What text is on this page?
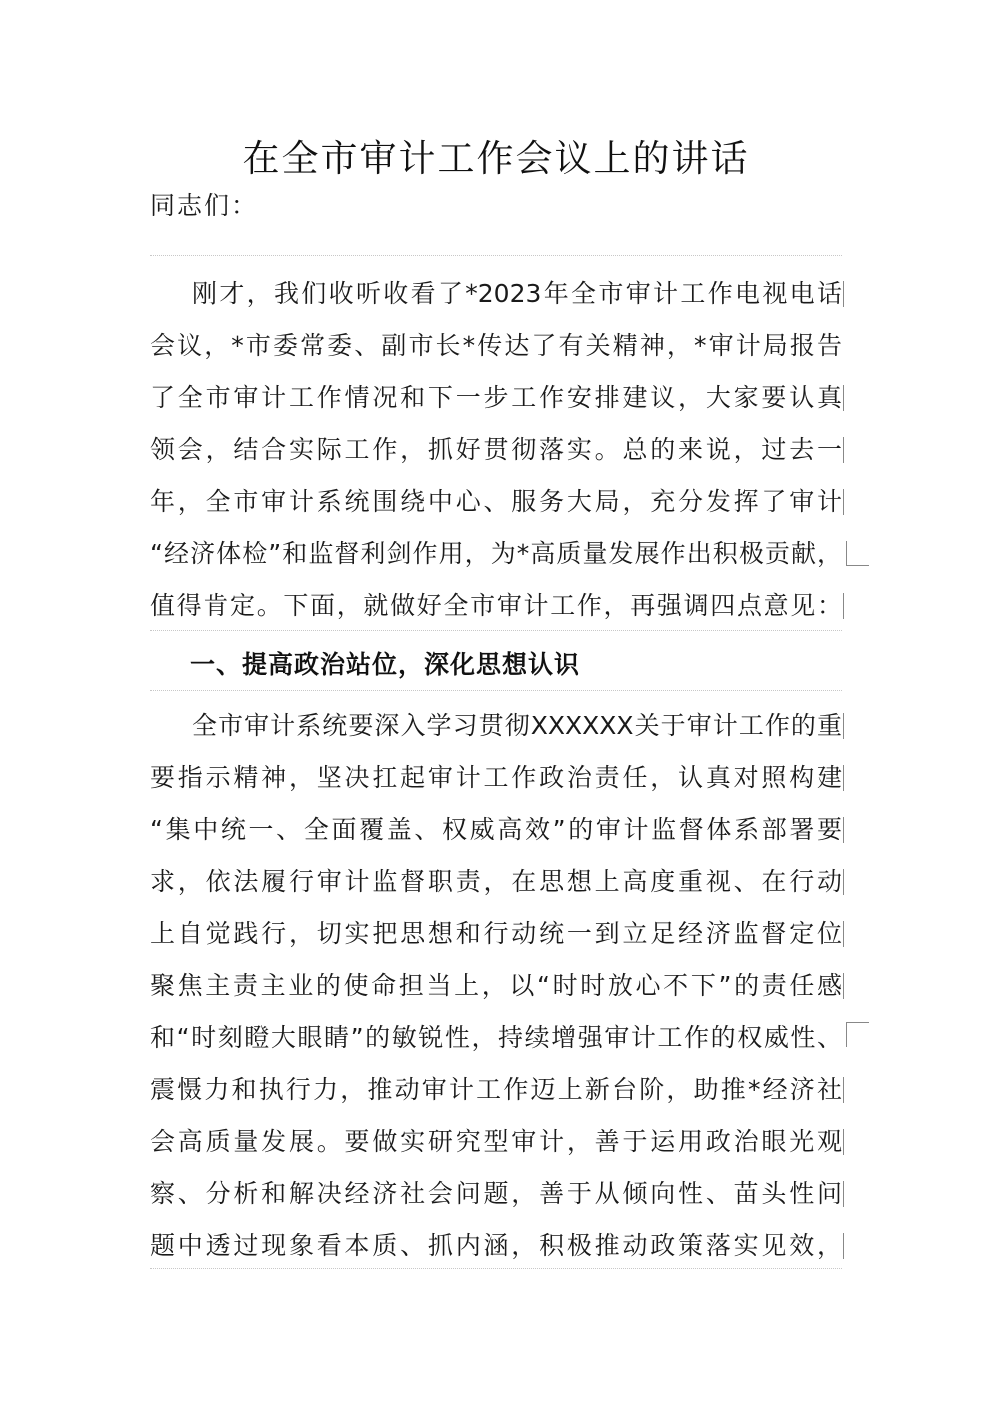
在全市审计工作会议上的讲话
同志们：
刚才，我们收听收看了*2023年全市审计工作电视电话
会议，*市委常委、副市长*传达了有关精神，*审计局报告
了全市审计工作情况和下一步工作安排建议，大家要认真
领会，结合实际工作，抓好贯彻落实。总的来说，过去一
年，全市审计系统围绕中心、服务大局，充分发挥了审计
“经济体检”和监督利剑作用，为*高质量发展作出积极贡献，
值得肯定。下面，就做好全市审计工作，再强调四点意见：
一、提高政治站位，深化思想认识
全市审计系统要深入学习贯彻XXXXXX关于审计工作的重
要指示精神，坚决扛起审计工作政治责任，认真对照构建
“集中统一、全面覆盖、权威高效”的审计监督体系部署要
求，依法履行审计监督职责，在思想上高度重视、在行动
上自觉践行，切实把思想和行动统一到立足经济监督定位
聚焦主责主业的使命担当上，以“时时放心不下”的责任感
和“时刻瞪大眼睛”的敏锐性，持续增强审计工作的权威性、
震慑力和执行力，推动审计工作迈上新台阶，助推*经济社
会高质量发展。要做实研究型审计，善于运用政治眼光观
察、分析和解决经济社会问题，善于从倾向性、苗头性问
题中透过现象看本质、抓内涵，积极推动政策落实见效，
